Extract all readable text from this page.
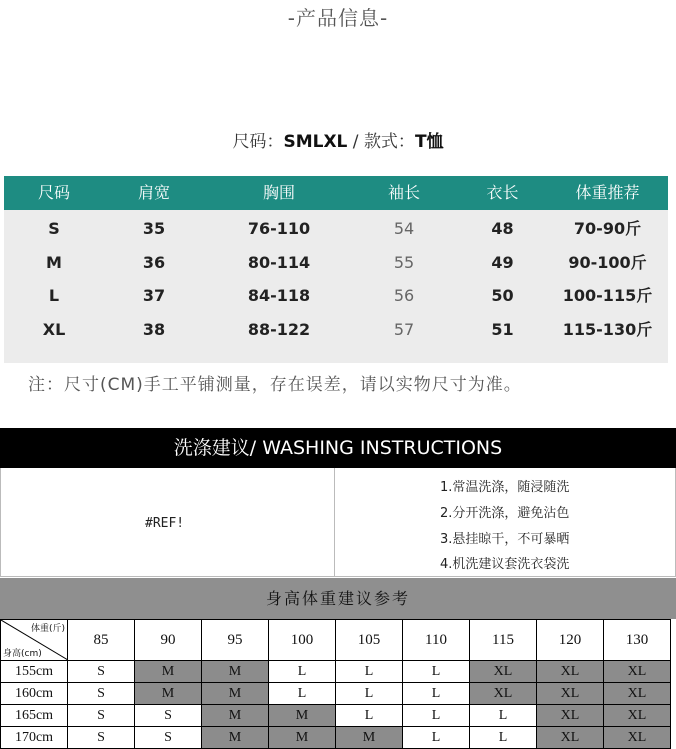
-产品信息-
尺码：SMLXL / 款式：T恤
尺码	肩宽	胸围	袖长	衣长	体重推荐
S	35	76-110	54	48	70-90斤
M	36	80-114	55	49	90-100斤
L	37	84-118	56	50	100-115斤
XL	38	88-122	57	51	115-130斤
注：尺寸(CM)手工平铺测量，存在误差，请以实物尺寸为准。
洗涤建议/ WASHING INSTRUCTIONS
#REF!
1.常温洗涤，随浸随洗
2.分开洗涤，避免沾色
3.悬挂晾干，不可暴晒
4.机洗建议套洗衣袋洗
身高体重建议参考
体重(斤)
身高(cm)	85	90	95	100	105	110	115	120	130
155cm	S	M	M	L	L	L	XL	XL	XL
160cm	S	M	M	L	L	L	XL	XL	XL
165cm	S	S	M	M	L	L	L	XL	XL
170cm	S	S	M	M	M	L	L	XL	XL
